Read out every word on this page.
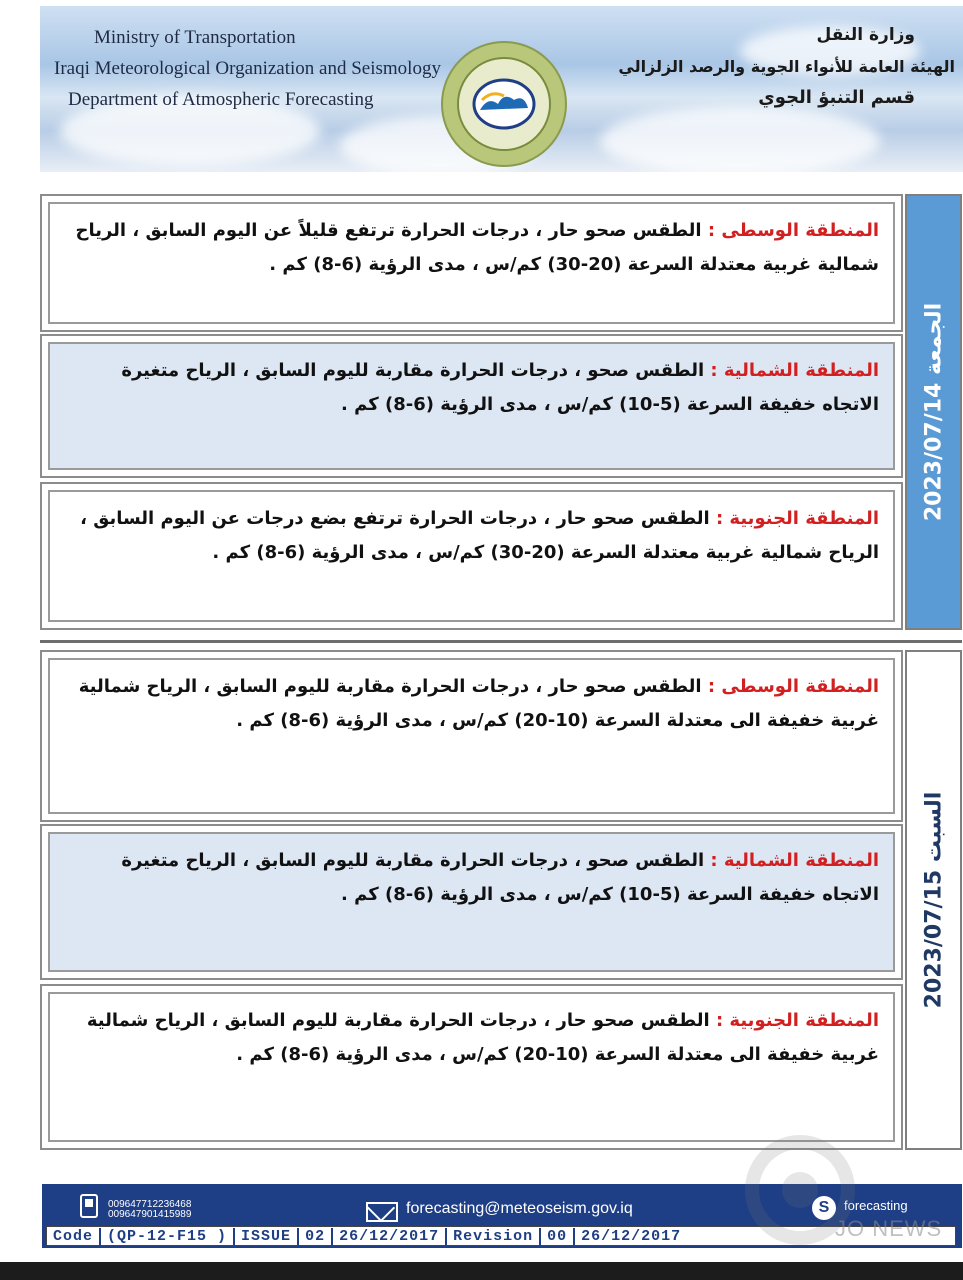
Ministry of Transportation
Iraqi Meteorological Organization and Seismology
Department of Atmospheric Forecasting
وزارة النقل
الهيئة العامة للأنواء الجوية والرصد الزلزالي
قسم التنبؤ الجوي
المنطقة الوسطى : الطقس صحو حار ، درجات الحرارة ترتفع قليلاً عن اليوم السابق ، الرياح شمالية غربية معتدلة السرعة (20-30) كم/س ، مدى الرؤية (6-8) كم .
المنطقة الشمالية : الطقس صحو ، درجات الحرارة مقاربة لليوم السابق ، الرياح متغيرة الاتجاه خفيفة السرعة (5-10) كم/س ، مدى الرؤية (6-8) كم .
المنطقة الجنوبية : الطقس صحو حار ، درجات الحرارة ترتفع بضع درجات عن اليوم السابق ، الرياح شمالية غربية معتدلة السرعة (20-30) كم/س ، مدى الرؤية (6-8) كم .
الجمعة 2023/07/14
المنطقة الوسطى : الطقس صحو حار ، درجات الحرارة مقاربة لليوم السابق ، الرياح شمالية غربية خفيفة الى معتدلة السرعة (10-20) كم/س ، مدى الرؤية (6-8) كم .
المنطقة الشمالية : الطقس صحو ، درجات الحرارة مقاربة لليوم السابق ، الرياح متغيرة الاتجاه خفيفة السرعة (5-10) كم/س ، مدى الرؤية (6-8) كم .
المنطقة الجنوبية : الطقس صحو حار ، درجات الحرارة مقاربة لليوم السابق ، الرياح شمالية غربية خفيفة الى معتدلة السرعة (10-20) كم/س ، مدى الرؤية (6-8) كم .
السبت 2023/07/15
009647712236468
009647901415989	forecasting@meteoseism.gov.iq	S	forecasting
Code (QP-12-F15 ) ISSUE 02 26/12/2017 Revision 00 26/12/2017	JO NEWS
